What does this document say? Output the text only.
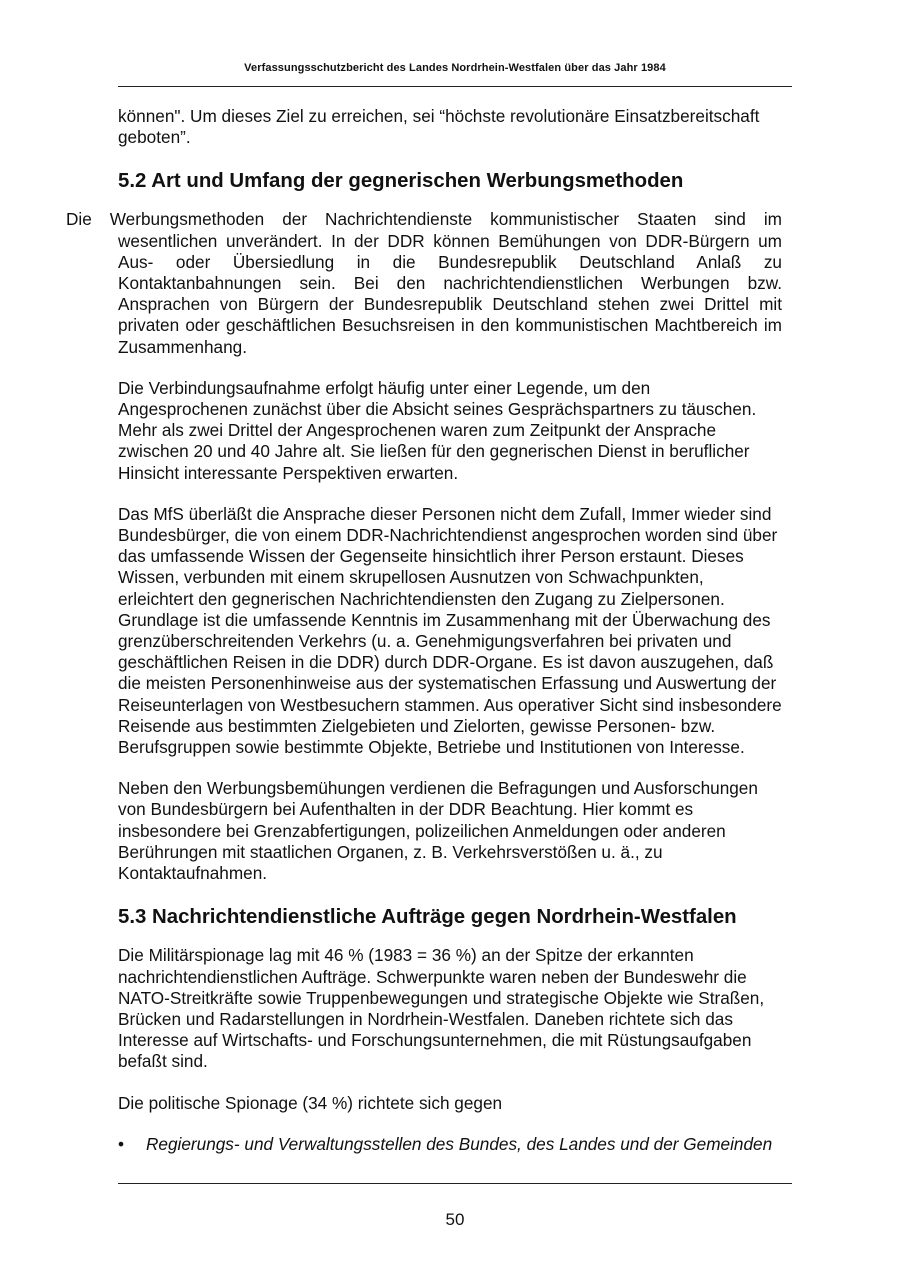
Verfassungsschutzbericht des Landes Nordrhein-Westfalen über das Jahr 1984

können". Um dieses Ziel zu erreichen, sei “höchste revolutionäre Einsatzbereitschaft geboten”.

5.2 Art und Umfang der gegnerischen Werbungsmethoden

Die Werbungsmethoden der Nachrichtendienste kommunistischer Staaten sind im wesentlichen unverändert. In der DDR können Bemühungen von DDR-Bürgern um Aus- oder Übersiedlung in die Bundesrepublik Deutschland Anlaß zu Kontaktanbahnungen sein. Bei den nachrichtendienstlichen Werbungen bzw. Ansprachen von Bürgern der Bundesrepublik Deutschland stehen zwei Drittel mit privaten oder geschäftlichen Besuchsreisen in den kommunistischen Machtbereich im Zusammenhang.

Die Verbindungsaufnahme erfolgt häufig unter einer Legende, um den Angesprochenen zunächst über die Absicht seines Gesprächspartners zu täuschen. Mehr als zwei Drittel der Angesprochenen waren zum Zeitpunkt der Ansprache zwischen 20 und 40 Jahre alt. Sie ließen für den gegnerischen Dienst in beruflicher Hinsicht interessante Perspektiven erwarten.

Das MfS überläßt die Ansprache dieser Personen nicht dem Zufall, Immer wieder sind Bundesbürger, die von einem DDR-Nachrichtendienst angesprochen worden sind über das umfassende Wissen der Gegenseite hinsichtlich ihrer Person erstaunt. Dieses Wissen, verbunden mit einem skrupellosen Ausnutzen von Schwachpunkten, erleichtert den gegnerischen Nachrichtendiensten den Zugang zu Zielpersonen. Grundlage ist die umfassende Kenntnis im Zusammenhang mit der Überwachung des grenzüberschreitenden Verkehrs (u. a. Genehmigungsverfahren bei privaten und geschäftlichen Reisen in die DDR) durch DDR-Organe. Es ist davon auszugehen, daß die meisten Personenhinweise aus der systematischen Erfassung und Auswertung der Reiseunterlagen von Westbesuchern stammen. Aus operativer Sicht sind insbesondere Reisende aus bestimmten Zielgebieten und Zielorten, gewisse Personen- bzw. Berufsgruppen sowie bestimmte Objekte, Betriebe und Institutionen von Interesse.

Neben den Werbungsbemühungen verdienen die Befragungen und Ausforschungen von Bundesbürgern bei Aufenthalten in der DDR Beachtung. Hier kommt es insbesondere bei Grenzabfertigungen, polizeilichen Anmeldungen oder anderen Berührungen mit staatlichen Organen, z. B. Verkehrsverstößen u. ä., zu Kontaktaufnahmen.

5.3 Nachrichtendienstliche Aufträge gegen Nordrhein-Westfalen

Die Militärspionage lag mit 46 % (1983 = 36 %) an der Spitze der erkannten nachrichtendienstlichen Aufträge. Schwerpunkte waren neben der Bundeswehr die NATO-Streitkräfte sowie Truppenbewegungen und strategische Objekte wie Straßen, Brücken und Radarstellungen in Nordrhein-Westfalen. Daneben richtete sich das Interesse auf Wirtschafts- und Forschungsunternehmen, die mit Rüstungsaufgaben befaßt sind.

Die politische Spionage (34 %) richtete sich gegen

• Regierungs- und Verwaltungsstellen des Bundes, des Landes und der Gemeinden
50
